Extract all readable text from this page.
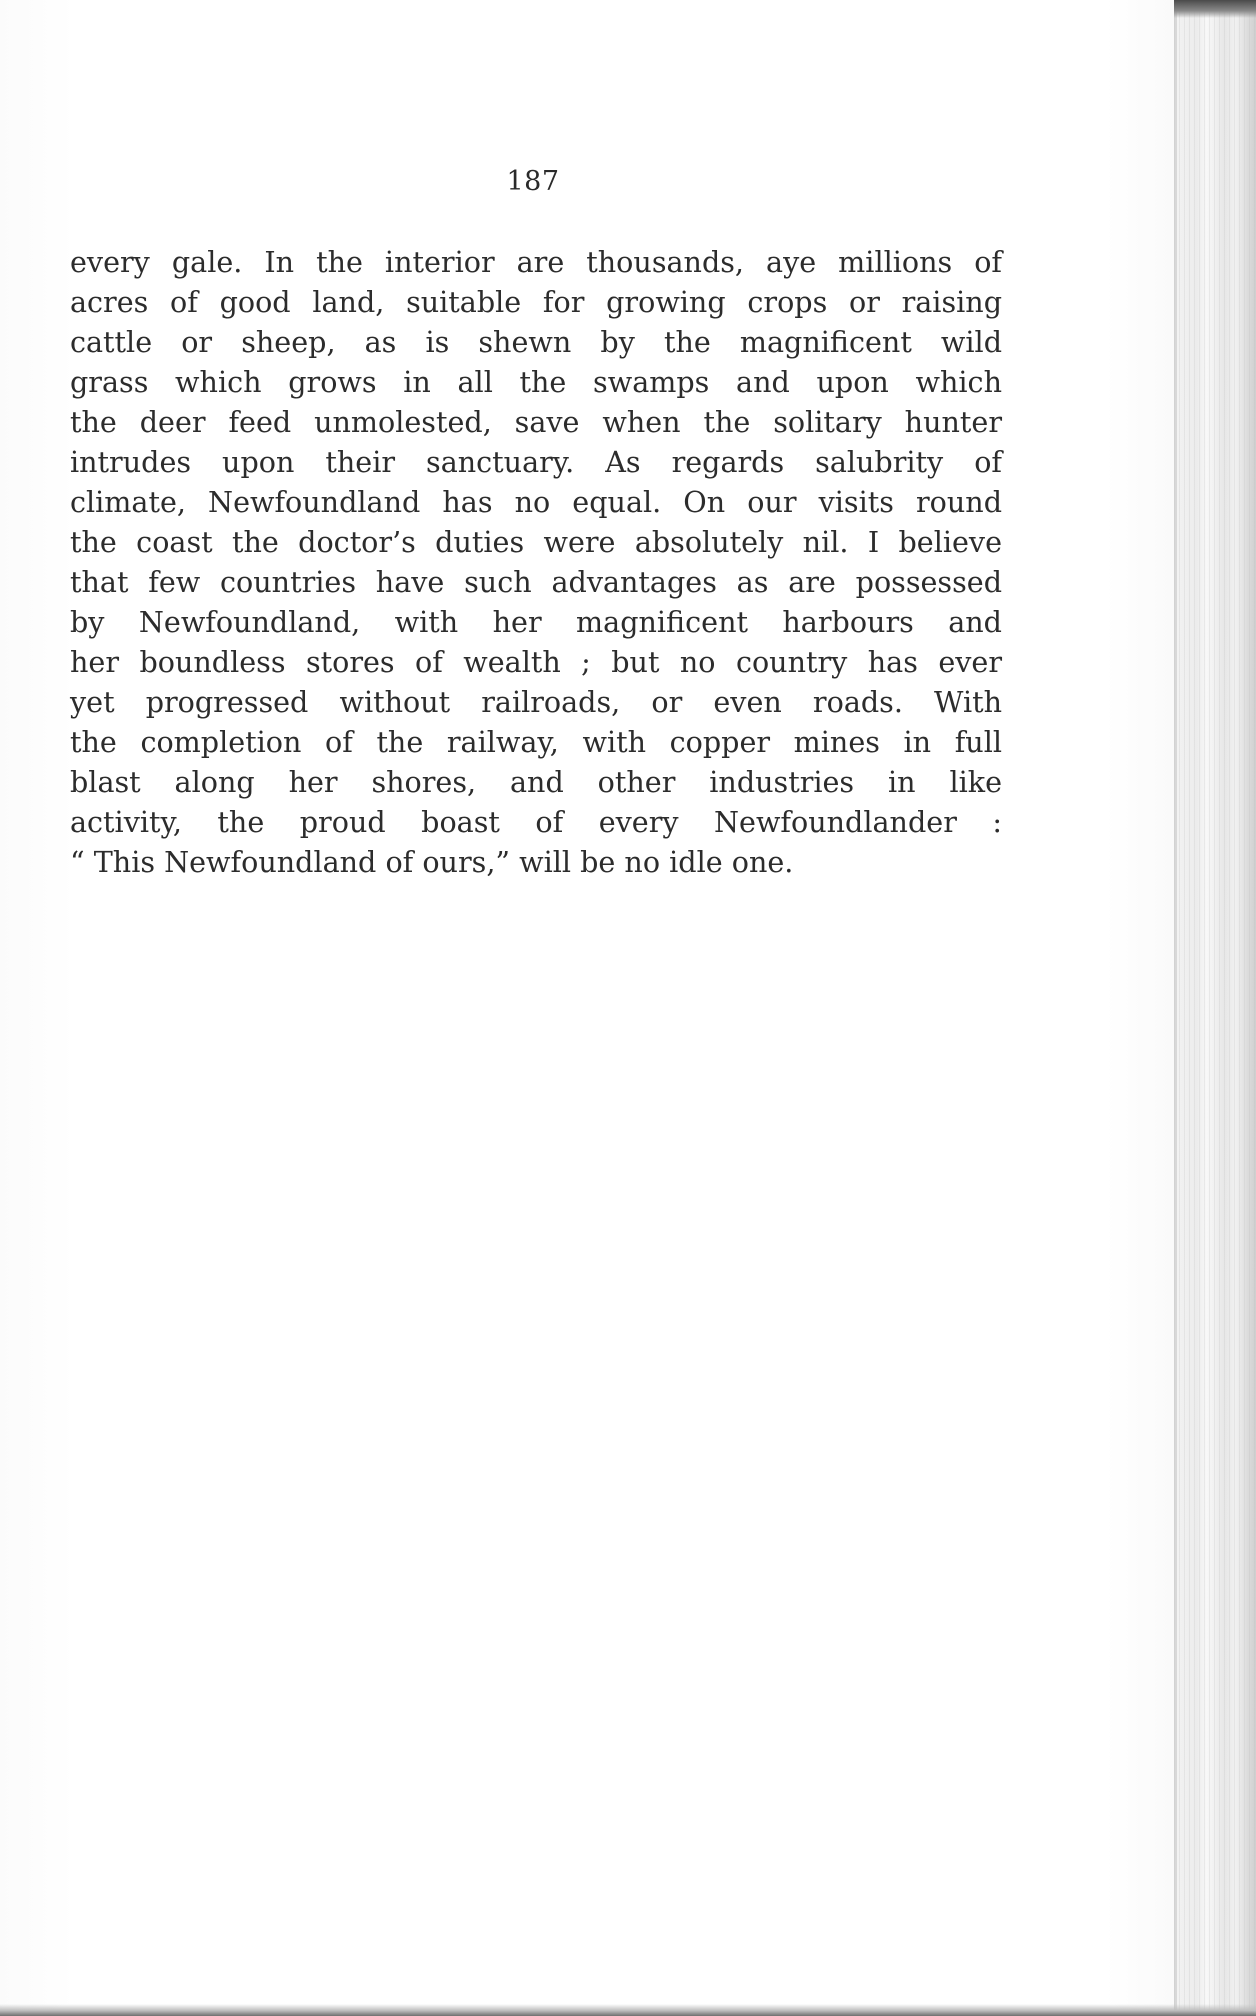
187
every gale. In the interior are thousands, aye millions of
acres of good land, suitable for growing crops or raising
cattle or sheep, as is shewn by the magnificent wild
grass which grows in all the swamps and upon which
the deer feed unmolested, save when the solitary hunter
intrudes upon their sanctuary. As regards salubrity of
climate, Newfoundland has no equal. On our visits round
the coast the doctor’s duties were absolutely nil. I believe
that few countries have such advantages as are possessed
by Newfoundland, with her magnificent harbours and
her boundless stores of wealth ; but no country has ever
yet progressed without railroads, or even roads. With
the completion of the railway, with copper mines in full
blast along her shores, and other industries in like
activity, the proud boast of every Newfoundlander :
“ This Newfoundland of ours,” will be no idle one.
